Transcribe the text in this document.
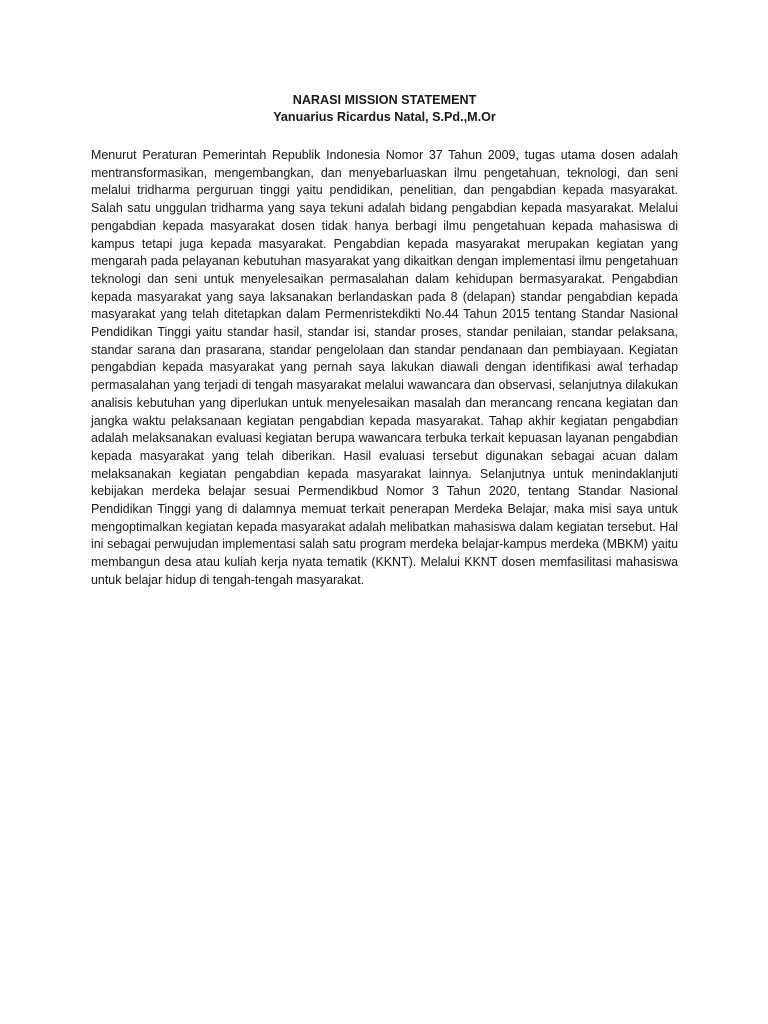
NARASI MISSION STATEMENT

Yanuarius Ricardus Natal, S.Pd.,M.Or

Menurut Peraturan Pemerintah Republik Indonesia Nomor 37 Tahun 2009, tugas utama dosen adalah mentransformasikan, mengembangkan, dan menyebarluaskan ilmu pengetahuan, teknologi, dan seni melalui tridharma perguruan tinggi yaitu pendidikan, penelitian, dan pengabdian kepada masyarakat. Salah satu unggulan tridharma yang saya tekuni adalah bidang pengabdian kepada masyarakat. Melalui pengabdian kepada masyarakat dosen tidak hanya berbagi ilmu pengetahuan kepada mahasiswa di kampus tetapi juga kepada masyarakat. Pengabdian kepada masyarakat merupakan kegiatan yang mengarah pada pelayanan kebutuhan masyarakat yang dikaitkan dengan implementasi ilmu pengetahuan teknologi dan seni untuk menyelesaikan permasalahan dalam kehidupan bermasyarakat. Pengabdian kepada masyarakat yang saya laksanakan berlandaskan pada 8 (delapan) standar pengabdian kepada masyarakat yang telah ditetapkan dalam Permenristekdikti No.44 Tahun 2015 tentang Standar Nasional Pendidikan Tinggi yaitu standar hasil, standar isi, standar proses, standar penilaian, standar pelaksana, standar sarana dan prasarana, standar pengelolaan dan standar pendanaan dan pembiayaan. Kegiatan pengabdian kepada masyarakat yang pernah saya lakukan diawali dengan identifikasi awal terhadap permasalahan yang terjadi di tengah masyarakat melalui wawancara dan observasi, selanjutnya dilakukan analisis kebutuhan yang diperlukan untuk menyelesaikan masalah dan merancang rencana kegiatan dan jangka waktu pelaksanaan kegiatan pengabdian kepada masyarakat. Tahap akhir kegiatan pengabdian adalah melaksanakan evaluasi kegiatan berupa wawancara terbuka terkait kepuasan layanan pengabdian kepada masyarakat yang telah diberikan. Hasil evaluasi tersebut digunakan sebagai acuan dalam melaksanakan kegiatan pengabdian kepada masyarakat lainnya. Selanjutnya untuk menindaklanjuti kebijakan merdeka belajar sesuai Permendikbud Nomor 3 Tahun 2020, tentang Standar Nasional Pendidikan Tinggi yang di dalamnya memuat terkait penerapan Merdeka Belajar, maka misi saya untuk mengoptimalkan kegiatan kepada masyarakat adalah melibatkan mahasiswa dalam kegiatan tersebut. Hal ini sebagai perwujudan implementasi salah satu program merdeka belajar-kampus merdeka (MBKM) yaitu membangun desa atau kuliah kerja nyata tematik (KKNT). Melalui KKNT dosen memfasilitasi mahasiswa untuk belajar hidup di tengah-tengah masyarakat.
